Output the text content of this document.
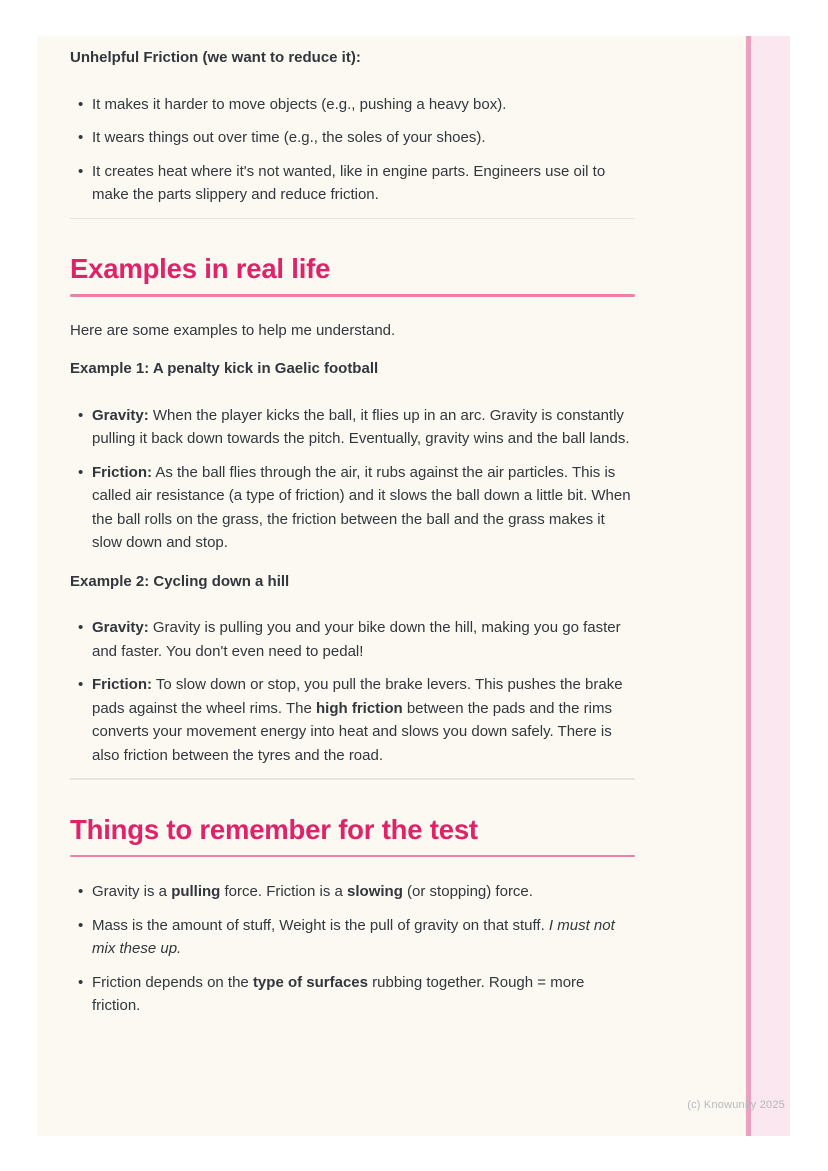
Unhelpful Friction (we want to reduce it):
• It makes it harder to move objects (e.g., pushing a heavy box).
• It wears things out over time (e.g., the soles of your shoes).
• It creates heat where it's not wanted, like in engine parts. Engineers use oil to make the parts slippery and reduce friction.
Examples in real life

Here are some examples to help me understand.

Example 1: A penalty kick in Gaelic football
• Gravity: When the player kicks the ball, it flies up in an arc. Gravity is constantly pulling it back down towards the pitch. Eventually, gravity wins and the ball lands.
• Friction: As the ball flies through the air, it rubs against the air particles. This is called air resistance (a type of friction) and it slows the ball down a little bit. When the ball rolls on the grass, the friction between the ball and the grass makes it slow down and stop.
Example 2: Cycling down a hill
• Gravity: Gravity is pulling you and your bike down the hill, making you go faster and faster. You don't even need to pedal!
• Friction: To slow down or stop, you pull the brake levers. This pushes the brake pads against the wheel rims. The high friction between the pads and the rims converts your movement energy into heat and slows you down safely. There is also friction between the tyres and the road.
Things to remember for the test
• Gravity is a pulling force. Friction is a slowing (or stopping) force.
• Mass is the amount of stuff, Weight is the pull of gravity on that stuff. I must not mix these up.
• Friction depends on the type of surfaces rubbing together. Rough = more friction.
(c) Knowunity 2025
